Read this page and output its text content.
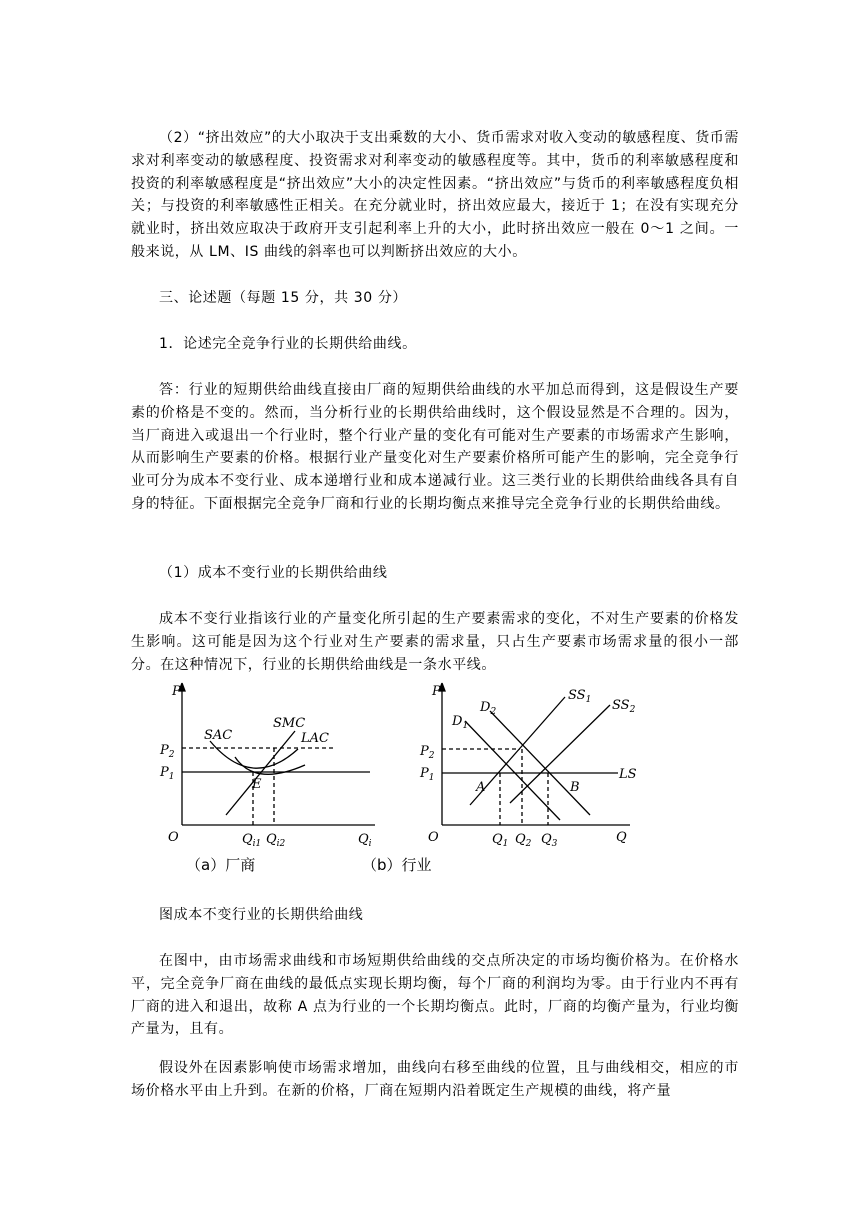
（2）“挤出效应”的大小取决于支出乘数的大小、货币需求对收入变动的敏感程度、货币需求对利率变动的敏感程度、投资需求对利率变动的敏感程度等。其中，货币的利率敏感程度和投资的利率敏感程度是“挤出效应”大小的决定性因素。“挤出效应”与货币的利率敏感程度负相关；与投资的利率敏感性正相关。在充分就业时，挤出效应最大，接近于 1；在没有实现充分就业时，挤出效应取决于政府开支引起利率上升的大小，此时挤出效应一般在 0～1 之间。一般来说，从 LM、IS 曲线的斜率也可以判断挤出效应的大小。

三、论述题（每题 15 分，共 30 分）

1．论述完全竞争行业的长期供给曲线。

答：行业的短期供给曲线直接由厂商的短期供给曲线的水平加总而得到，这是假设生产要素的价格是不变的。然而，当分析行业的长期供给曲线时，这个假设显然是不合理的。因为，当厂商进入或退出一个行业时，整个行业产量的变化有可能对生产要素的市场需求产生影响，从而影响生产要素的价格。根据行业产量变化对生产要素价格所可能产生的影响，完全竞争行业可分为成本不变行业、成本递增行业和成本递减行业。这三类行业的长期供给曲线各具有自身的特征。下面根据完全竞争厂商和行业的长期均衡点来推导完全竞争行业的长期供给曲线。

（1）成本不变行业的长期供给曲线

成本不变行业指该行业的产量变化所引起的生产要素需求的变化，不对生产要素的价格发生影响。这可能是因为这个行业对生产要素的需求量，只占生产要素市场需求量的很小一部分。在这种情况下，行业的长期供给曲线是一条水平线。

P
O
$P_2$
$P_1$
SAC
SMC
LAC
E
$Q_{i1}$ $Q_{i2}$	$Q_i$
P
O
$P_2$
$P_1$
$D_1$
$D_2$
$SS_1$ $SS_2$
LS
A	B
$Q_1$ $Q_2$ $Q_3$	Q
（a）厂商	（b）行业

图成本不变行业的长期供给曲线

在图中，由市场需求曲线和市场短期供给曲线的交点所决定的市场均衡价格为。在价格水平，完全竞争厂商在曲线的最低点实现长期均衡，每个厂商的利润均为零。由于行业内不再有厂商的进入和退出，故称 A 点为行业的一个长期均衡点。此时，厂商的均衡产量为，行业均衡产量为，且有。

假设外在因素影响使市场需求增加，曲线向右移至曲线的位置，且与曲线相交，相应的市场价格水平由上升到。在新的价格，厂商在短期内沿着既定生产规模的曲线，将产量
